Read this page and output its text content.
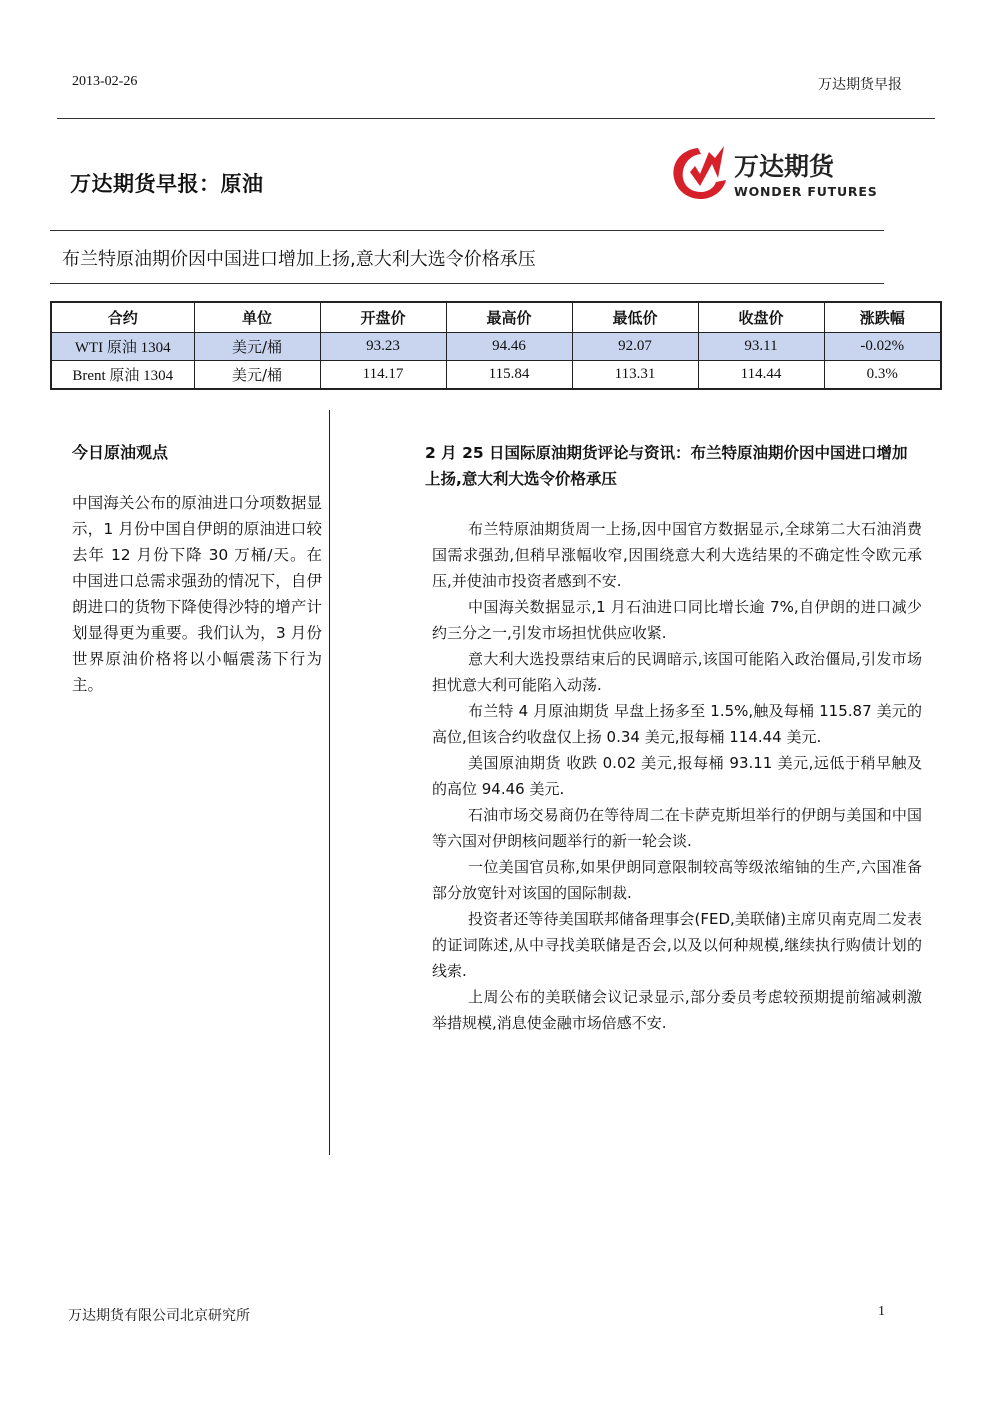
2013-02-26	万达期货早报
万达期货早报：原油
万达期货
WONDER FUTURES
布兰特原油期价因中国进口增加上扬,意大利大选令价格承压
合约	单位	开盘价	最高价	最低价	收盘价	涨跌幅
WTI 原油 1304	美元/桶	93.23	94.46	92.07	93.11	-0.02%
Brent 原油 1304	美元/桶	114.17	115.84	113.31	114.44	0.3%
今日原油观点
中国海关公布的原油进口分项数据显示，1 月份中国自伊朗的原油进口较去年 12 月份下降 30 万桶/天。在中国进口总需求强劲的情况下，自伊朗进口的货物下降使得沙特的增产计划显得更为重要。我们认为，3 月份世界原油价格将以小幅震荡下行为主。
2 月 25 日国际原油期货评论与资讯：布兰特原油期价因中国进口增加上扬,意大利大选令价格承压

布兰特原油期货周一上扬,因中国官方数据显示,全球第二大石油消费国需求强劲,但稍早涨幅收窄,因围绕意大利大选结果的不确定性令欧元承压,并使油市投资者感到不安.

中国海关数据显示,1 月石油进口同比增长逾 7%,自伊朗的进口减少约三分之一,引发市场担忧供应收紧.

意大利大选投票结束后的民调暗示,该国可能陷入政治僵局,引发市场担忧意大利可能陷入动荡.

布兰特 4 月原油期货 早盘上扬多至 1.5%,触及每桶 115.87 美元的高位,但该合约收盘仅上扬 0.34 美元,报每桶 114.44 美元.

美国原油期货 收跌 0.02 美元,报每桶 93.11 美元,远低于稍早触及的高位 94.46 美元.

石油市场交易商仍在等待周二在卡萨克斯坦举行的伊朗与美国和中国等六国对伊朗核问题举行的新一轮会谈.

一位美国官员称,如果伊朗同意限制较高等级浓缩铀的生产,六国准备部分放宽针对该国的国际制裁.

投资者还等待美国联邦储备理事会(FED,美联储)主席贝南克周二发表的证词陈述,从中寻找美联储是否会,以及以何种规模,继续执行购债计划的线索.

上周公布的美联储会议记录显示,部分委员考虑较预期提前缩减刺激举措规模,消息使金融市场倍感不安.

万达期货有限公司北京研究所	1
